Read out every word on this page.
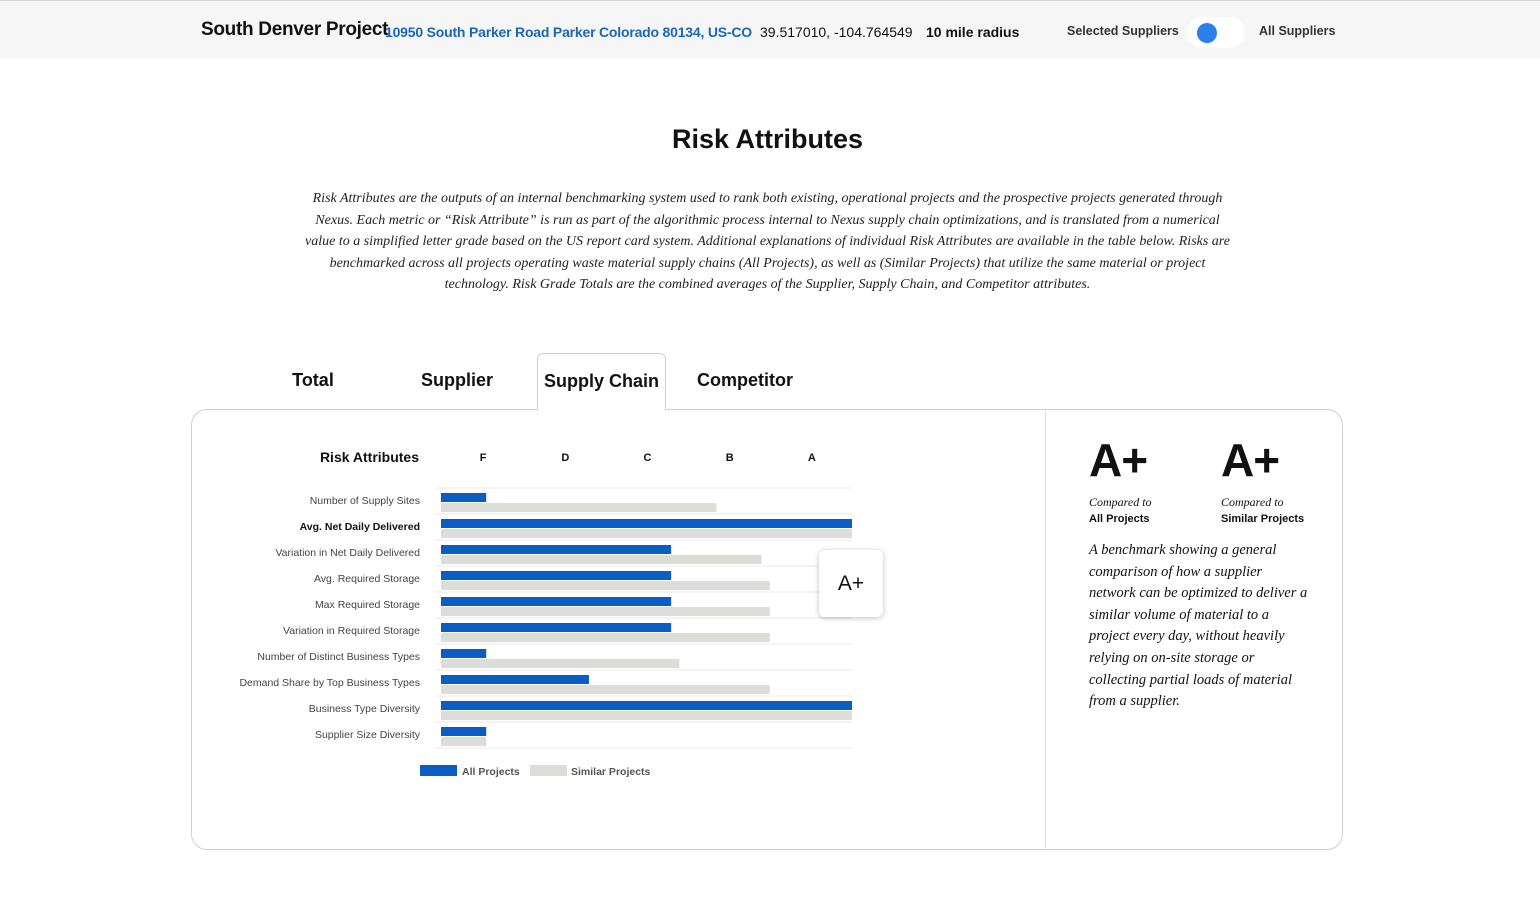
South Denver Project
10950 South Parker Road Parker Colorado 80134, US-CO 39.517010, -104.764549 10 mile radius	Selected Suppliers	All Suppliers
Risk Attributes

Risk Attributes are the outputs of an internal benchmarking system used to rank both existing, operational projects and the prospective projects generated through Nexus. Each metric or “Risk Attribute” is run as part of the algorithmic process internal to Nexus supply chain optimizations, and is translated from a numerical value to a simplified letter grade based on the US report card system. Additional explanations of individual Risk Attributes are available in the table below. Risks are benchmarked across all projects operating waste material supply chains (All Projects), as well as (Similar Projects) that utilize the same material or project technology. Risk Grade Totals are the combined averages of the Supplier, Supply Chain, and Competitor attributes.

Total	Supplier	Supply Chain	Competitor
Risk Attributes	F	D	C	B	A
Number of Supply Sites
Avg. Net Daily Delivered
Variation in Net Daily Delivered
Avg. Required Storage
Max Required Storage
Variation in Required Storage
Number of Distinct Business Types
Demand Share by Top Business Types
Business Type Diversity
Supplier Size Diversity
All Projects	Similar Projects
A+
A+ A+
Compared to
All Projects
Compared to
Similar Projects

A benchmark showing a general comparison of how a supplier network can be optimized to deliver a similar volume of material to a project every day, without heavily relying on on-site storage or collecting partial loads of material from a supplier.
